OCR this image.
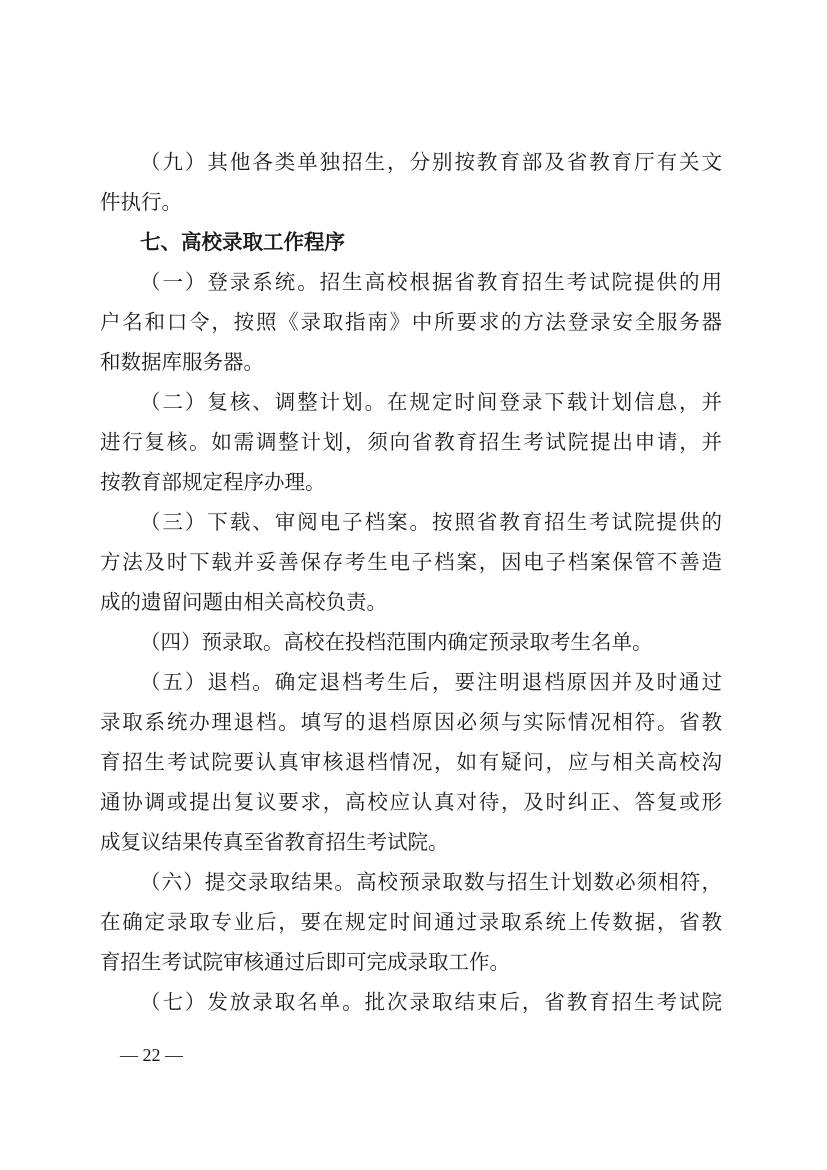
（九）其他各类单独招生，分别按教育部及省教育厅有关文
件执行。
七、高校录取工作程序
（一）登录系统。招生高校根据省教育招生考试院提供的用
户名和口令，按照《录取指南》中所要求的方法登录安全服务器
和数据库服务器。
（二）复核、调整计划。在规定时间登录下载计划信息，并
进行复核。如需调整计划，须向省教育招生考试院提出申请，并
按教育部规定程序办理。
（三）下载、审阅电子档案。按照省教育招生考试院提供的
方法及时下载并妥善保存考生电子档案，因电子档案保管不善造
成的遗留问题由相关高校负责。
（四）预录取。高校在投档范围内确定预录取考生名单。
（五）退档。确定退档考生后，要注明退档原因并及时通过
录取系统办理退档。填写的退档原因必须与实际情况相符。省教
育招生考试院要认真审核退档情况，如有疑问，应与相关高校沟
通协调或提出复议要求，高校应认真对待，及时纠正、答复或形
成复议结果传真至省教育招生考试院。
（六）提交录取结果。高校预录取数与招生计划数必须相符，
在确定录取专业后，要在规定时间通过录取系统上传数据，省教
育招生考试院审核通过后即可完成录取工作。
（七）发放录取名单。批次录取结束后，省教育招生考试院
— 22 —
